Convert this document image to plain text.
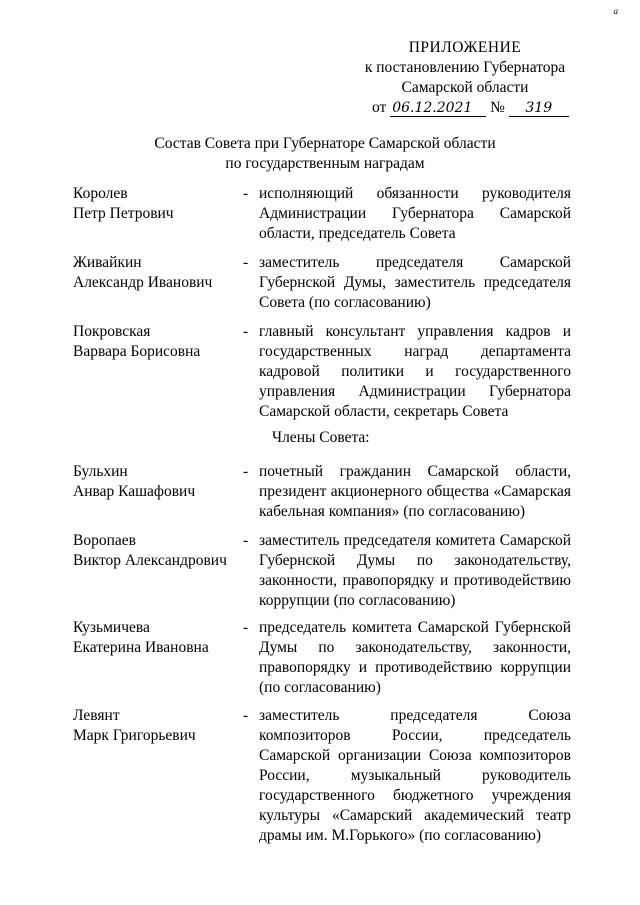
а
ПРИЛОЖЕНИЕ
к постановлению Губернатора
Самарской области
от 06.12.2021 № 319
Состав Совета при Губернаторе Самарской области
по государственным наградам
Королев
Петр Петрович
- исполняющий обязанности руководителя Администрации Губернатора Самарской области, председатель Совета
Живайкин
Александр Иванович
- заместитель председателя Самарской Губернской Думы, заместитель председателя Совета (по согласованию)
Покровская
Варвара Борисовна
- главный консультант управления кадров и государственных наград департамента кадровой политики и государственного управления Администрации Губернатора Самарской области, секретарь Совета
Члены Совета:
Бульхин
Анвар Кашафович
- почетный гражданин Самарской области, президент акционерного общества «Самарская кабельная компания» (по согласованию)
Воропаев
Виктор Александрович
- заместитель председателя комитета Самарской Губернской Думы по законодательству, законности, правопорядку и противодействию коррупции (по согласованию)
Кузьмичева
Екатерина Ивановна
- председатель комитета Самарской Губернской Думы по законодательству, законности, правопорядку и противодействию коррупции (по согласованию)
Левянт
Марк Григорьевич
- заместитель председателя Союза композиторов России, председатель Самарской организации Союза композиторов России, музыкальный руководитель государственного бюджетного учреждения культуры «Самарский академический театр драмы им. М.Горького» (по согласованию)
